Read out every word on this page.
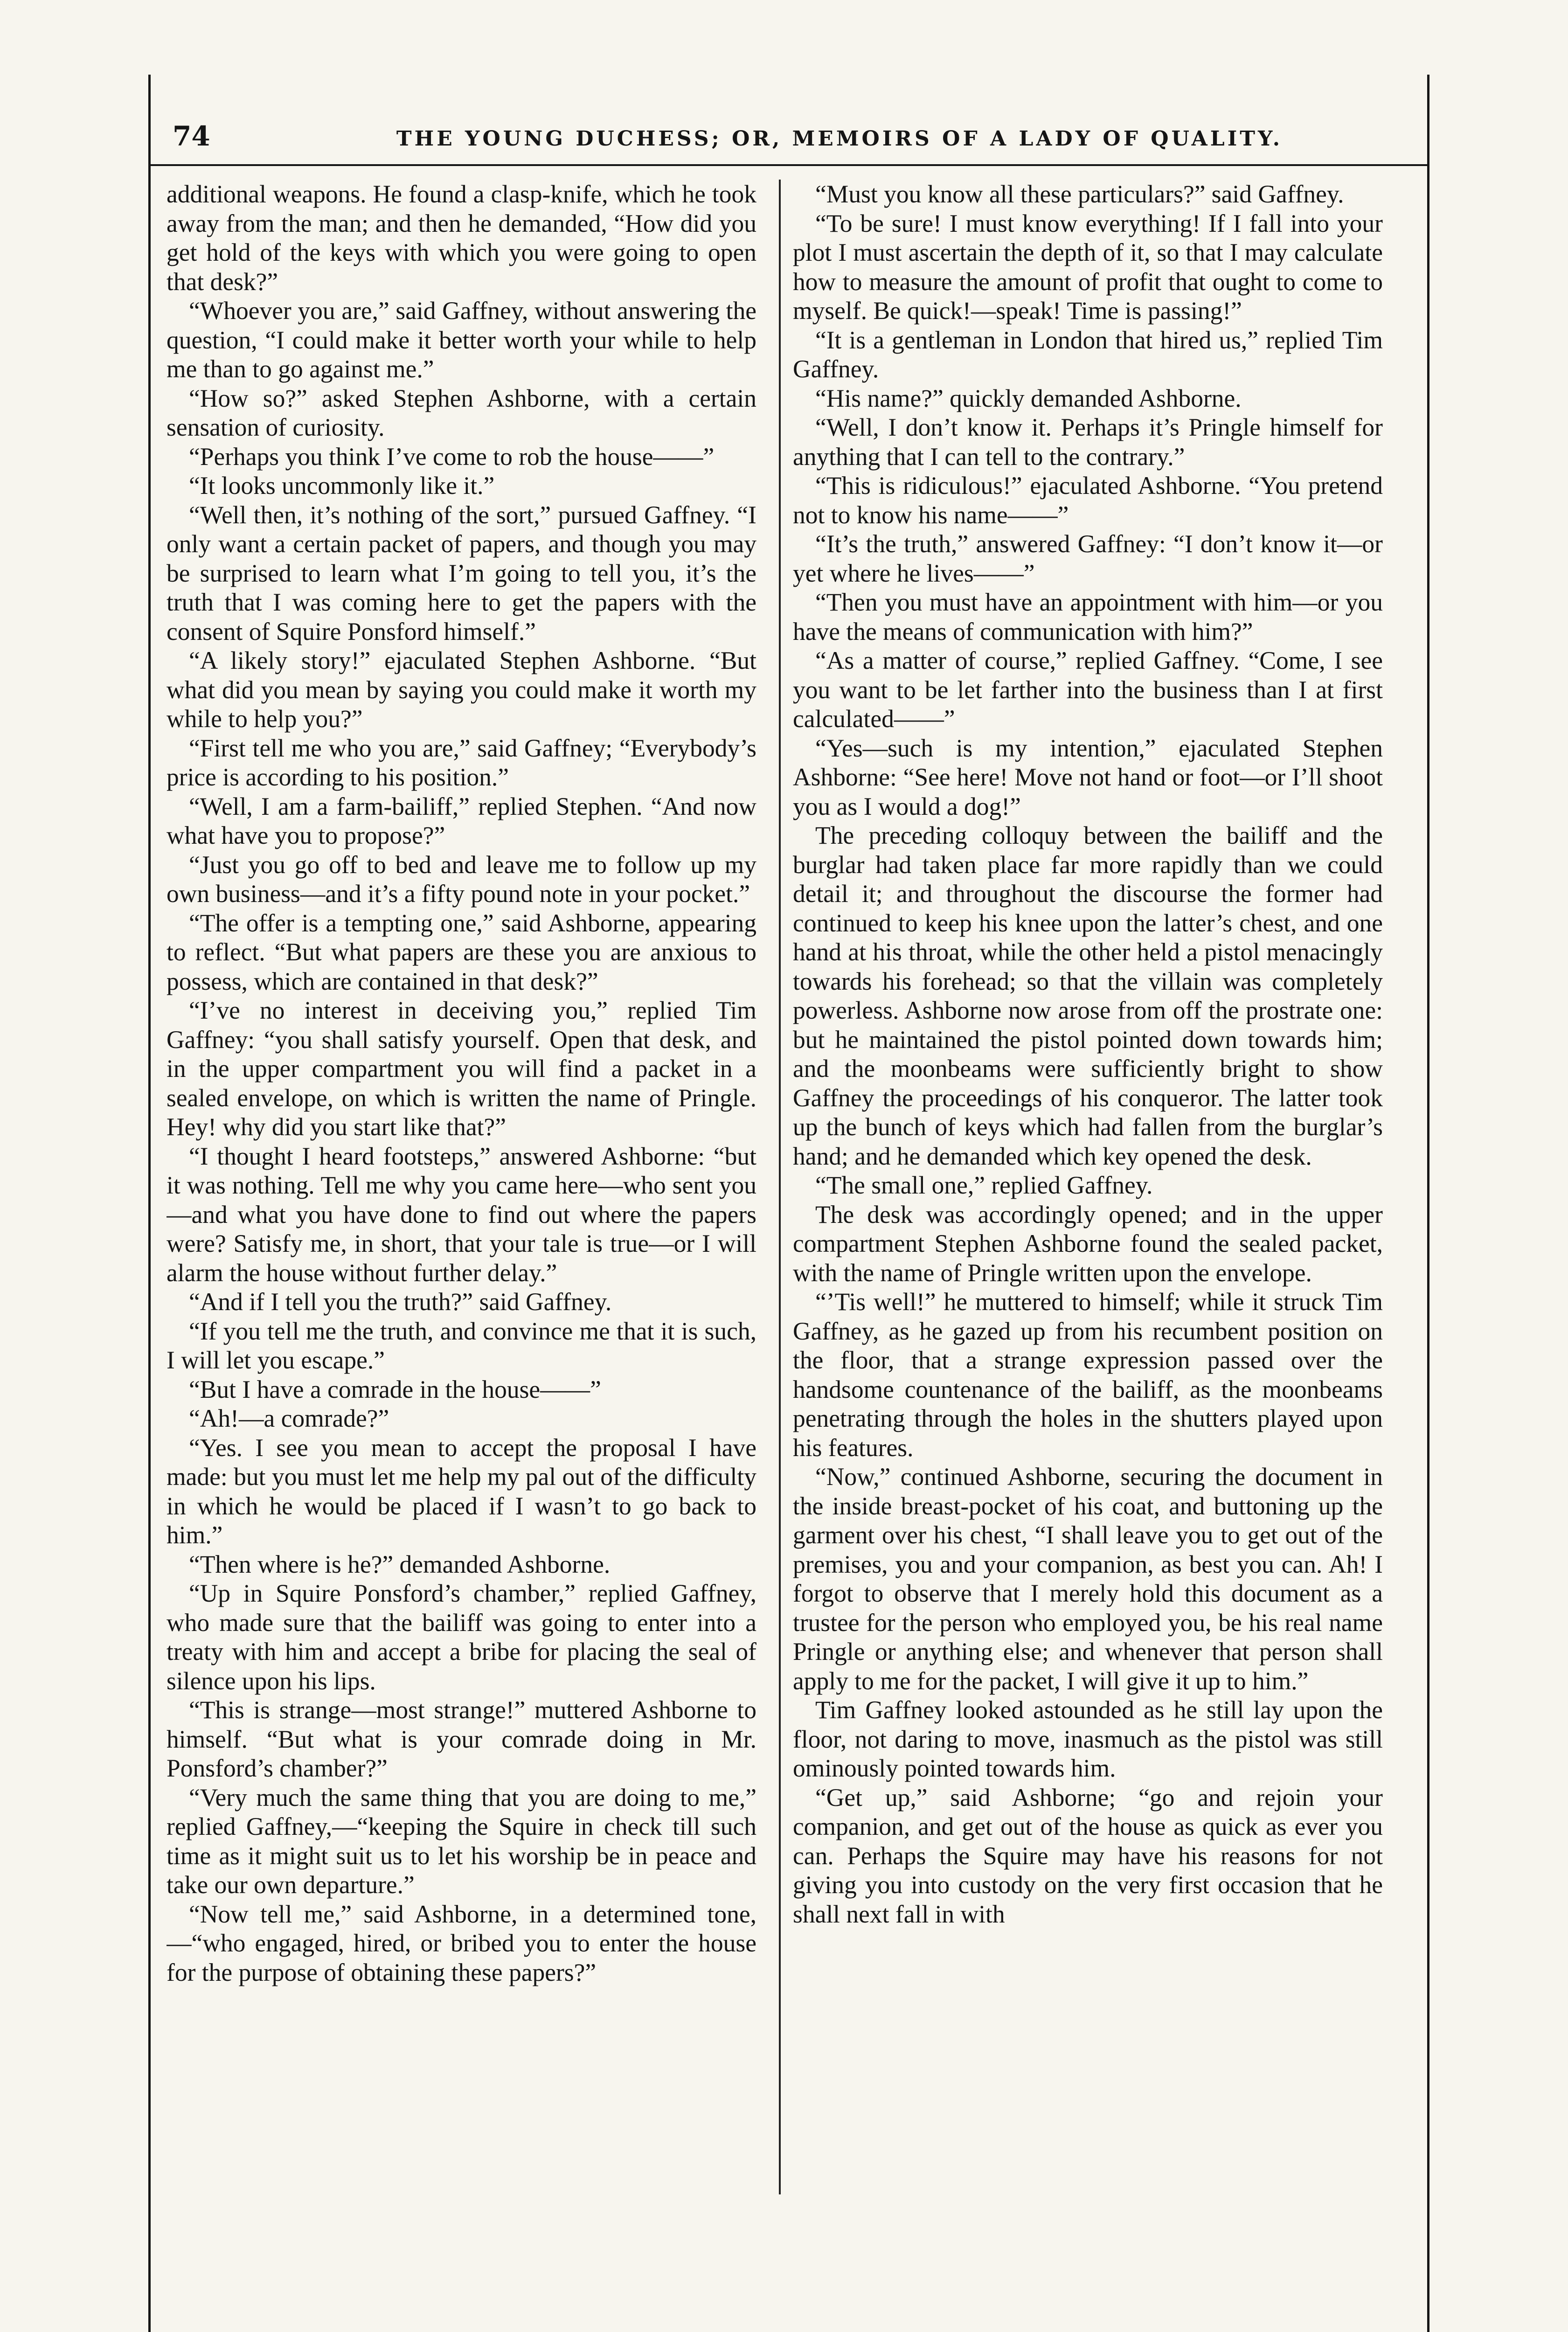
74	THE YOUNG DUCHESS; OR, MEMOIRS OF A LADY OF QUALITY.

additional weapons. He found a clasp-knife, which he took away from the man; and then he demanded, “How did you get hold of the keys with which you were going to open that desk?”

“Whoever you are,” said Gaffney, without answering the question, “I could make it better worth your while to help me than to go against me.”

“How so?” asked Stephen Ashborne, with a certain sensation of curiosity.

“Perhaps you think I’ve come to rob the house——”

“It looks uncommonly like it.”

“Well then, it’s nothing of the sort,” pursued Gaffney. “I only want a certain packet of papers, and though you may be surprised to learn what I’m going to tell you, it’s the truth that I was coming here to get the papers with the consent of Squire Ponsford himself.”

“A likely story!” ejaculated Stephen Ashborne. “But what did you mean by saying you could make it worth my while to help you?”

“First tell me who you are,” said Gaffney; “Everybody’s price is according to his position.”

“Well, I am a farm-bailiff,” replied Stephen. “And now what have you to propose?”

“Just you go off to bed and leave me to follow up my own business—and it’s a fifty pound note in your pocket.”

“The offer is a tempting one,” said Ashborne, appearing to reflect. “But what papers are these you are anxious to possess, which are contained in that desk?”

“I’ve no interest in deceiving you,” replied Tim Gaffney: “you shall satisfy yourself. Open that desk, and in the upper compartment you will find a packet in a sealed envelope, on which is written the name of Pringle. Hey! why did you start like that?”

“I thought I heard footsteps,” answered Ashborne: “but it was nothing. Tell me why you came here—who sent you—and what you have done to find out where the papers were? Satisfy me, in short, that your tale is true—or I will alarm the house without further delay.”

“And if I tell you the truth?” said Gaffney.

“If you tell me the truth, and convince me that it is such, I will let you escape.”

“But I have a comrade in the house——”

“Ah!—a comrade?”

“Yes. I see you mean to accept the proposal I have made: but you must let me help my pal out of the difficulty in which he would be placed if I wasn’t to go back to him.”

“Then where is he?” demanded Ashborne.

“Up in Squire Ponsford’s chamber,” replied Gaffney, who made sure that the bailiff was going to enter into a treaty with him and accept a bribe for placing the seal of silence upon his lips.

“This is strange—most strange!” muttered Ashborne to himself. “But what is your comrade doing in Mr. Ponsford’s chamber?”

“Very much the same thing that you are doing to me,” replied Gaffney,—“keeping the Squire in check till such time as it might suit us to let his worship be in peace and take our own departure.”

“Now tell me,” said Ashborne, in a determined tone,—“who engaged, hired, or bribed you to enter the house for the purpose of obtaining these papers?”

“Must you know all these particulars?” said Gaffney.

“To be sure! I must know everything! If I fall into your plot I must ascertain the depth of it, so that I may calculate how to measure the amount of profit that ought to come to myself. Be quick!—speak! Time is passing!”

“It is a gentleman in London that hired us,” replied Tim Gaffney.

“His name?” quickly demanded Ashborne.

“Well, I don’t know it. Perhaps it’s Pringle himself for anything that I can tell to the contrary.”

“This is ridiculous!” ejaculated Ashborne. “You pretend not to know his name——”

“It’s the truth,” answered Gaffney: “I don’t know it—or yet where he lives——”

“Then you must have an appointment with him—or you have the means of communication with him?”

“As a matter of course,” replied Gaffney. “Come, I see you want to be let farther into the business than I at first calculated——”

“Yes—such is my intention,” ejaculated Stephen Ashborne: “See here! Move not hand or foot—or I’ll shoot you as I would a dog!”

The preceding colloquy between the bailiff and the burglar had taken place far more rapidly than we could detail it; and throughout the discourse the former had continued to keep his knee upon the latter’s chest, and one hand at his throat, while the other held a pistol menacingly towards his forehead; so that the villain was completely powerless. Ashborne now arose from off the prostrate one: but he maintained the pistol pointed down towards him; and the moonbeams were sufficiently bright to show Gaffney the proceedings of his conqueror. The latter took up the bunch of keys which had fallen from the burglar’s hand; and he demanded which key opened the desk.

“The small one,” replied Gaffney.

The desk was accordingly opened; and in the upper compartment Stephen Ashborne found the sealed packet, with the name of Pringle written upon the envelope.

“’Tis well!” he muttered to himself; while it struck Tim Gaffney, as he gazed up from his recumbent position on the floor, that a strange expression passed over the handsome countenance of the bailiff, as the moonbeams penetrating through the holes in the shutters played upon his features.

“Now,” continued Ashborne, securing the document in the inside breast-pocket of his coat, and buttoning up the garment over his chest, “I shall leave you to get out of the premises, you and your companion, as best you can. Ah! I forgot to observe that I merely hold this document as a trustee for the person who employed you, be his real name Pringle or anything else; and whenever that person shall apply to me for the packet, I will give it up to him.”

Tim Gaffney looked astounded as he still lay upon the floor, not daring to move, inasmuch as the pistol was still ominously pointed towards him.

“Get up,” said Ashborne; “go and rejoin your companion, and get out of the house as quick as ever you can. Perhaps the Squire may have his reasons for not giving you into custody on the very first occasion that he shall next fall in with
